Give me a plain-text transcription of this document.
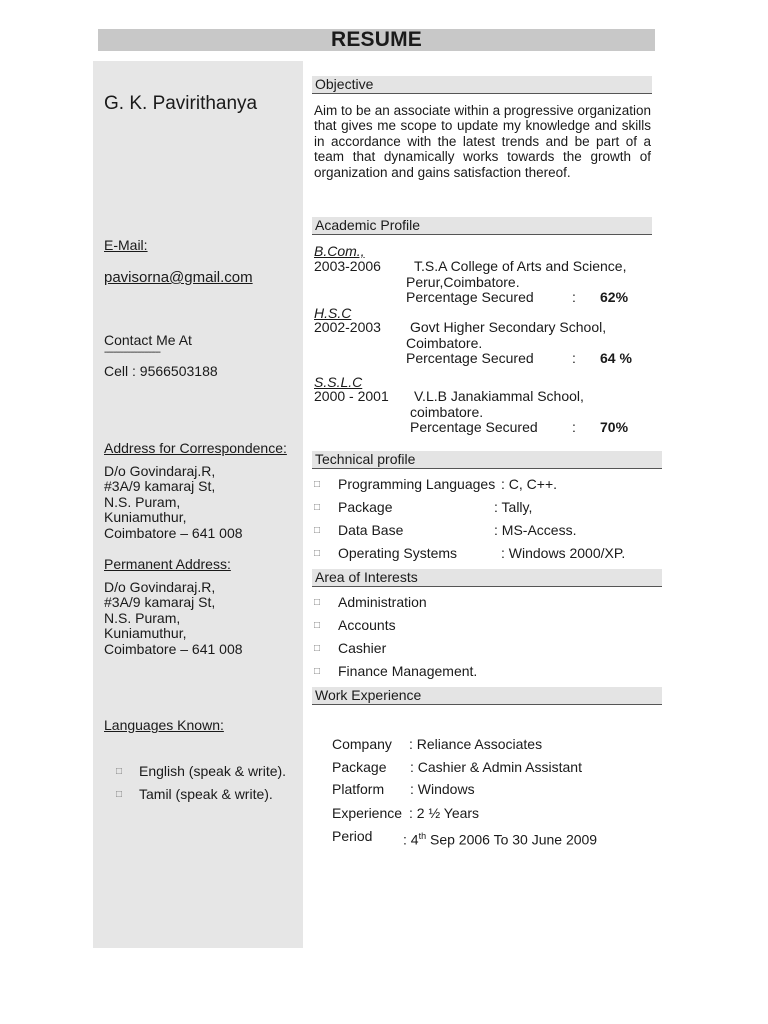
RESUME
G. K. Pavirithanya
E-Mail:
pavisorna@gmail.com
Contact Me At
------------------------
Cell : 9566503188
Address for Correspondence:
D/o Govindaraj.R,
#3A/9 kamaraj St,
N.S. Puram,
Kuniamuthur,
Coimbatore – 641 008
Permanent Address:
D/o Govindaraj.R,
#3A/9 kamaraj St,
N.S. Puram,
Kuniamuthur,
Coimbatore – 641 008
Languages Known:
□ English (speak & write).
□ Tamil (speak & write).
Objective
Aim to be an associate within a progressive organization that gives me scope to update my knowledge and skills in accordance with the latest trends and be part of a team that dynamically works towards the growth of organization and gains satisfaction thereof.
Academic Profile
B.Com.,
2003-2006 T.S.A College of Arts and Science,
Perur,Coimbatore.
Percentage Secured	: 62%
H.S.C
2002-2003 Govt Higher Secondary School,
Coimbatore.
Percentage Secured	: 64 %
S.S.L.C
2000 - 2001 V.L.B Janakiammal School,
coimbatore.
Percentage Secured : 70%
Technical profile
□ Programming Languages : C, C++.
□ Package	: Tally,
□ Data Base	: MS-Access.
□ Operating Systems	: Windows 2000/XP.
Area of Interests
□ Administration
□ Accounts
□ Cashier
□ Finance Management.
Work Experience
Company : Reliance Associates
Package : Cashier & Admin Assistant
Platform : Windows
Experience : 2 ½ Years
Period : 4th Sep 2006 To 30 June 2009
